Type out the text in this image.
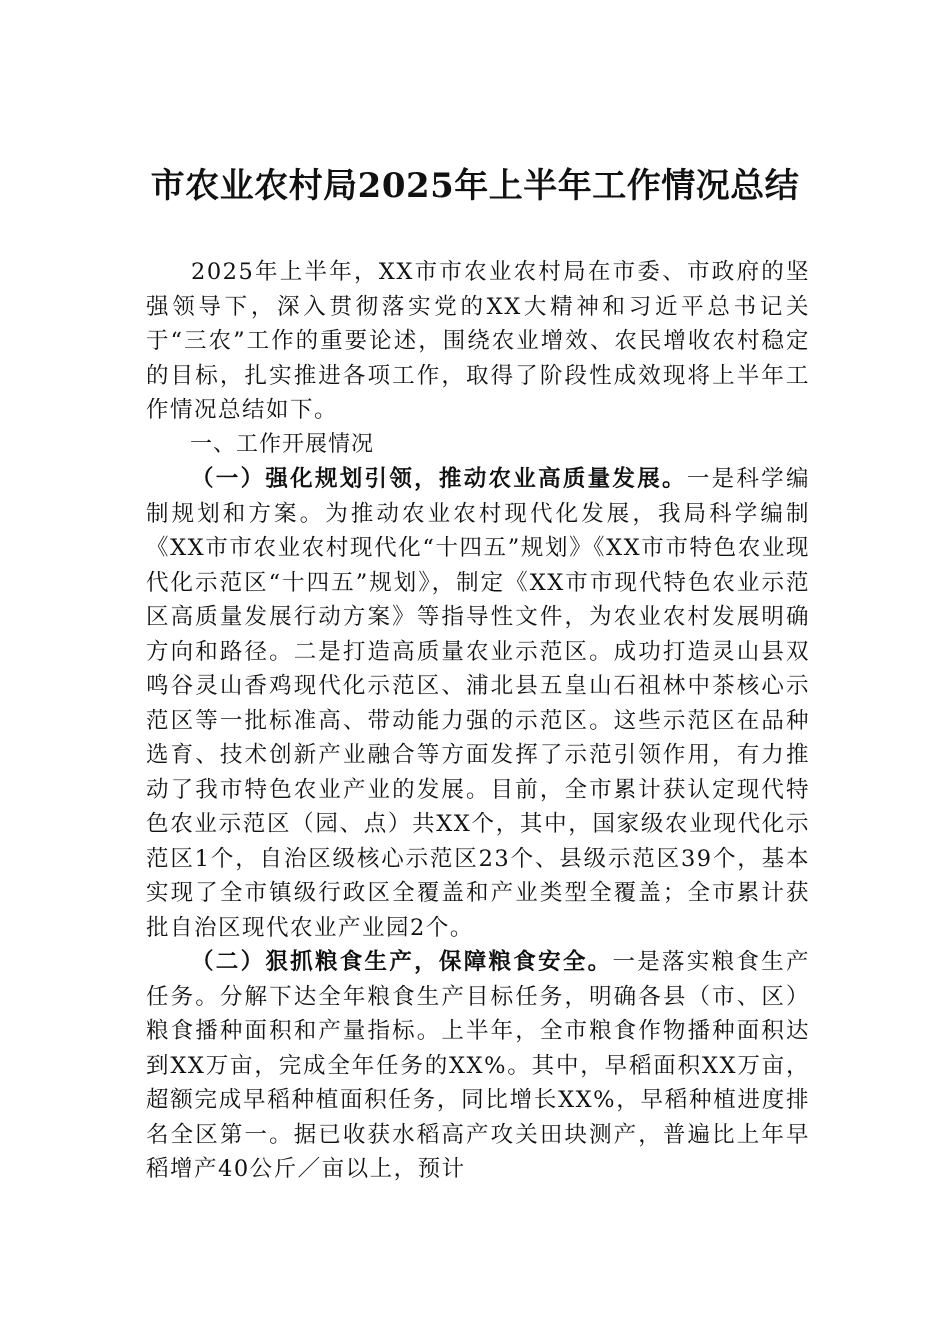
市农业农村局2025年上半年工作情况总结

2025年上半年，XX市市农业农村局在市委、市政府的坚强领导下，深入贯彻落实党的XX大精神和习近平总书记关于“三农”工作的重要论述，围绕农业增效、农民增收农村稳定的目标，扎实推进各项工作，取得了阶段性成效现将上半年工作情况总结如下。

一、工作开展情况

（一）强化规划引领，推动农业高质量发展。一是科学编制规划和方案。为推动农业农村现代化发展，我局科学编制《XX市市农业农村现代化“十四五”规划》《XX市市特色农业现代化示范区“十四五”规划》，制定《XX市市现代特色农业示范区高质量发展行动方案》等指导性文件，为农业农村发展明确方向和路径。二是打造高质量农业示范区。成功打造灵山县双鸣谷灵山香鸡现代化示范区、浦北县五皇山石祖林中茶核心示范区等一批标准高、带动能力强的示范区。这些示范区在品种选育、技术创新产业融合等方面发挥了示范引领作用，有力推动了我市特色农业产业的发展。目前，全市累计获认定现代特色农业示范区（园、点）共XX个，其中，国家级农业现代化示范区1个，自治区级核心示范区23个、县级示范区39个，基本实现了全市镇级行政区全覆盖和产业类型全覆盖；全市累计获批自治区现代农业产业园2个。

（二）狠抓粮食生产，保障粮食安全。一是落实粮食生产任务。分解下达全年粮食生产目标任务，明确各县（市、区）粮食播种面积和产量指标。上半年，全市粮食作物播种面积达到XX万亩，完成全年任务的XX%。其中，早稻面积XX万亩，超额完成早稻种植面积任务，同比增长XX%，早稻种植进度排名全区第一。据已收获水稻高产攻关田块测产，普遍比上年早稻增产40公斤／亩以上，预计
